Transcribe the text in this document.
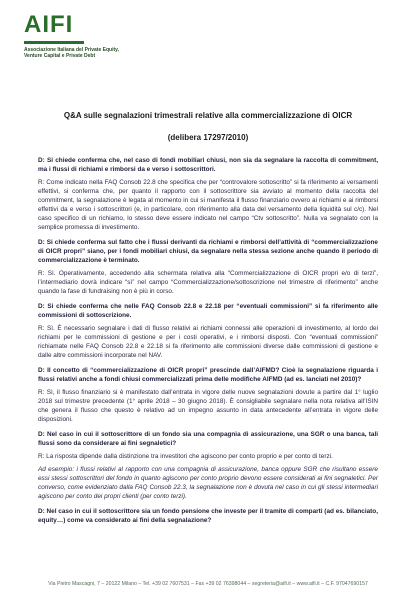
AIFI
Associazione Italiana del Private Equity,
Venture Capital e Private Debt
Q&A sulle segnalazioni trimestrali relative alla commercializzazione di OICR
(delibera 17297/2010)
D: Si chiede conferma che, nel caso di fondi mobiliari chiusi, non sia da segnalare la raccolta di commitment, ma i flussi di richiami e rimborsi da e verso i sottoscrittori.
R: Come indicato nella FAQ Consob 22.8 che specifica che per “controvalore sottoscritto” si fa riferimento ai versamenti effettivi, si conferma che, per quanto il rapporto con il sottoscrittore sia avviato al momento della raccolta del commitment, la segnalazione è legata al momento in cui si manifesta il flusso finanziario ovvero ai richiami e ai rimborsi effettivi da e verso i sottoscrittori (e, in particolare, con riferimento alla data del versamento della liquidità sul c/c). Nel caso specifico di un richiamo, lo stesso deve essere indicato nel campo “Ctv sottoscritto”. Nulla va segnalato con la semplice promessa di investimento.
D: Si chiede conferma sul fatto che i flussi derivanti da richiami e rimborsi dell’attività di “commercializzazione di OICR propri” siano, per i fondi mobiliari chiusi, da segnalare nella stessa sezione anche quando il periodo di commercializzazione è terminato.
R: Sì. Operativamente, accedendo alla schermata relativa alla “Commercializzazione di OICR propri e/o di terzi”, l’intermediario dovrà indicare “sì” nel campo “Commercializzazione/sottoscrizione nel trimestre di riferimento” anche quando la fase di fundraising non è più in corso.
D: Si chiede conferma che nelle FAQ Consob 22.8 e 22.18 per “eventuali commissioni” si fa riferimento alle commissioni di sottoscrizione.
R: Sì. È necessario segnalare i dati di flusso relativi ai richiami connessi alle operazioni di investimento, al lordo dei richiami per le commissioni di gestione e per i costi operativi, e i rimborsi disposti. Con “eventuali commissioni” richiamate nelle FAQ Consob 22.8 e 22.18 si fa riferimento alle commissioni diverse dalle commissioni di gestione e dalle altre commissioni incorporate nel NAV.
D: Il concetto di “commercializzazione di OICR propri” prescinde dall’AIFMD? Cioè la segnalazione riguarda i flussi relativi anche a fondi chiusi commercializzati prima delle modifiche AIFMD (ad es. lanciati nel 2010)?
R: Sì, il flusso finanziario si è manifestato dall’entrata in vigore delle nuove segnalazioni dovute a partire dal 1° luglio 2018 sul trimestre precedente (1° aprile 2018 – 30 giugno 2018). È consigliabile segnalare nella nota relativa all’ISIN che genera il flusso che questo è relativo ad un impegno assunto in data antecedente all’entrata in vigore delle disposizioni.
D: Nel caso in cui il sottoscrittore di un fondo sia una compagnia di assicurazione, una SGR o una banca, tali flussi sono da considerare ai fini segnaletici?
R: La risposta dipende dalla distinzione tra investitori che agiscono per conto proprio e per conto di terzi.
Ad esempio: i flussi relativi al rapporto con una compagnia di assicurazione, banca oppure SGR che risultano essere essi stessi sottoscrittori del fondo in quanto agiscono per conto proprio devono essere considerati ai fini segnaletici. Per converso, come evidenziato dalla FAQ Consob 22.3, la segnalazione non è dovuta nel caso in cui gli stessi intermediari agiscono per conto dei propri clienti (per conto terzi).
D: Nel caso in cui il sottoscrittore sia un fondo pensione che investe per il tramite di comparti (ad es. bilanciato, equity…) come va considerato ai fini della segnalazione?
Via Pietro Mascagni, 7 – 20122 Milano – Tel. +39 02 7607531 – Fax +39 02 76398044 – segreteria@aifi.it – www.aifi.it – C.F. 97047690157
